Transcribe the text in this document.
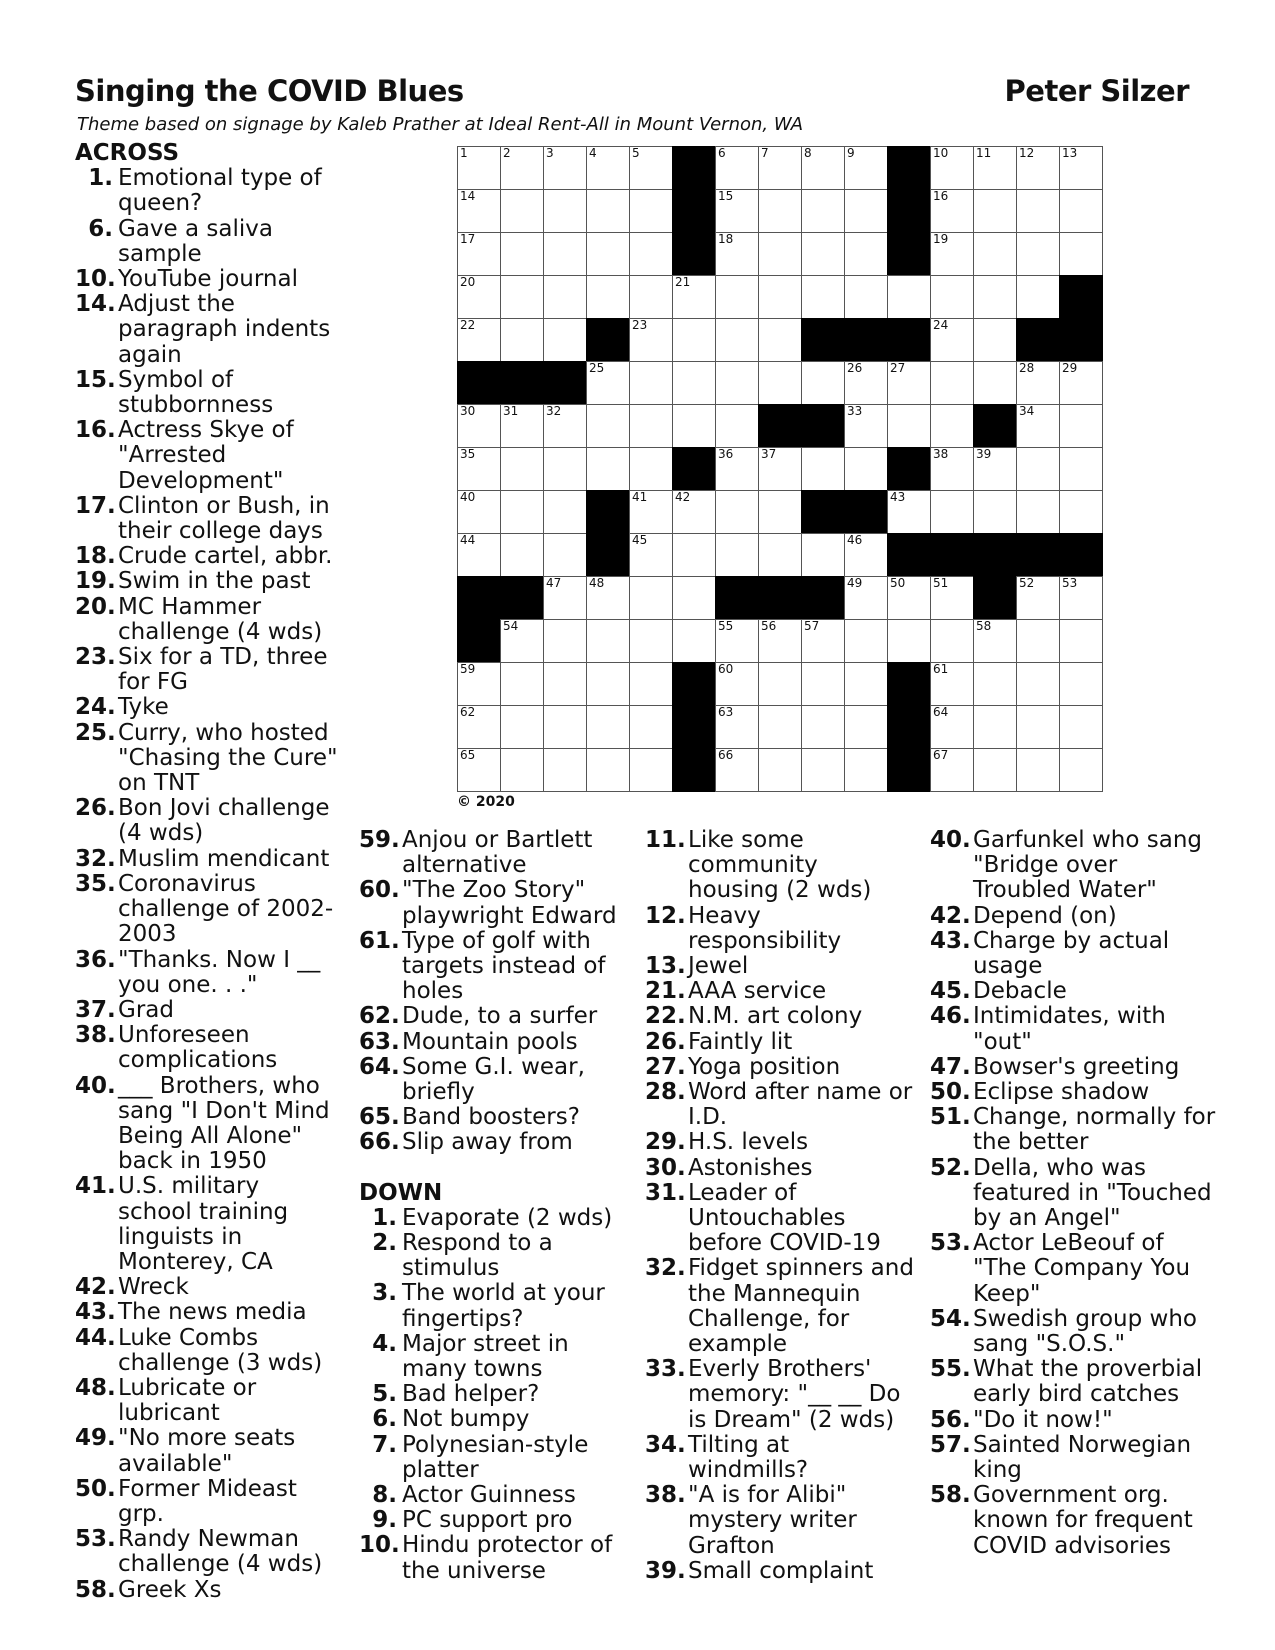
Singing the COVID Blues	Peter Silzer
Theme based on signage by Kaleb Prather at Ideal Rent-All in Mount Vernon, WA
1	2	3	4	5	6	7	8	9	10 11 12 13
14	15	16
17	18	19
20	21
22	23	24
25	26 27	28 29
30 31 32	33	34
35	36 37	38 39
40	41 42	43
44	45	46
47 48	49 50 51	52 53
54	55 56 57	58
59	60	61
62	63	64
65	66	67
© 2020
ACROSS
1. Emotional type of queen?
6. Gave a saliva sample
10. YouTube journal
14. Adjust the paragraph indents again
15. Symbol of stubbornness
16. Actress Skye of "Arrested Development"
17. Clinton or Bush, in their college days
18. Crude cartel, abbr.
19. Swim in the past
20. MC Hammer challenge (4 wds)
23. Six for a TD, three for FG
24. Tyke
25. Curry, who hosted "Chasing the Cure" on TNT
26. Bon Jovi challenge (4 wds)
32. Muslim mendicant
35. Coronavirus challenge of 2002-2003
36. "Thanks. Now I __ you one. . ."
37. Grad
38. Unforeseen complications
40. ___ Brothers, who sang "I Don't Mind Being All Alone" back in 1950
41. U.S. military school training linguists in Monterey, CA
42. Wreck
43. The news media
44. Luke Combs challenge (3 wds)
48. Lubricate or lubricant
49. "No more seats available"
50. Former Mideast grp.
53. Randy Newman challenge (4 wds)
58. Greek Xs
59. Anjou or Bartlett alternative
60. "The Zoo Story" playwright Edward
61. Type of golf with targets instead of holes
62. Dude, to a surfer
63. Mountain pools
64. Some G.I. wear, briefly
65. Band boosters?
66. Slip away from
DOWN
1. Evaporate (2 wds)
2. Respond to a stimulus
3. The world at your fingertips?
4. Major street in many towns
5. Bad helper?
6. Not bumpy
7. Polynesian-style platter
8. Actor Guinness
9. PC support pro
10. Hindu protector of the universe
11. Like some community housing (2 wds)
12. Heavy responsibility
13. Jewel
21. AAA service
22. N.M. art colony
26. Faintly lit
27. Yoga position
28. Word after name or I.D.
29. H.S. levels
30. Astonishes
31. Leader of Untouchables before COVID-19
32. Fidget spinners and the Mannequin Challenge, for example
33. Everly Brothers' memory: "__ __ Do is Dream" (2 wds)
34. Tilting at windmills?
38. "A is for Alibi" mystery writer Grafton
39. Small complaint
40. Garfunkel who sang "Bridge over Troubled Water"
42. Depend (on)
43. Charge by actual usage
45. Debacle
46. Intimidates, with "out"
47. Bowser's greeting
50. Eclipse shadow
51. Change, normally for the better
52. Della, who was featured in "Touched by an Angel"
53. Actor LeBeouf of "The Company You Keep"
54. Swedish group who sang "S.O.S."
55. What the proverbial early bird catches
56. "Do it now!"
57. Sainted Norwegian king
58. Government org. known for frequent COVID advisories
